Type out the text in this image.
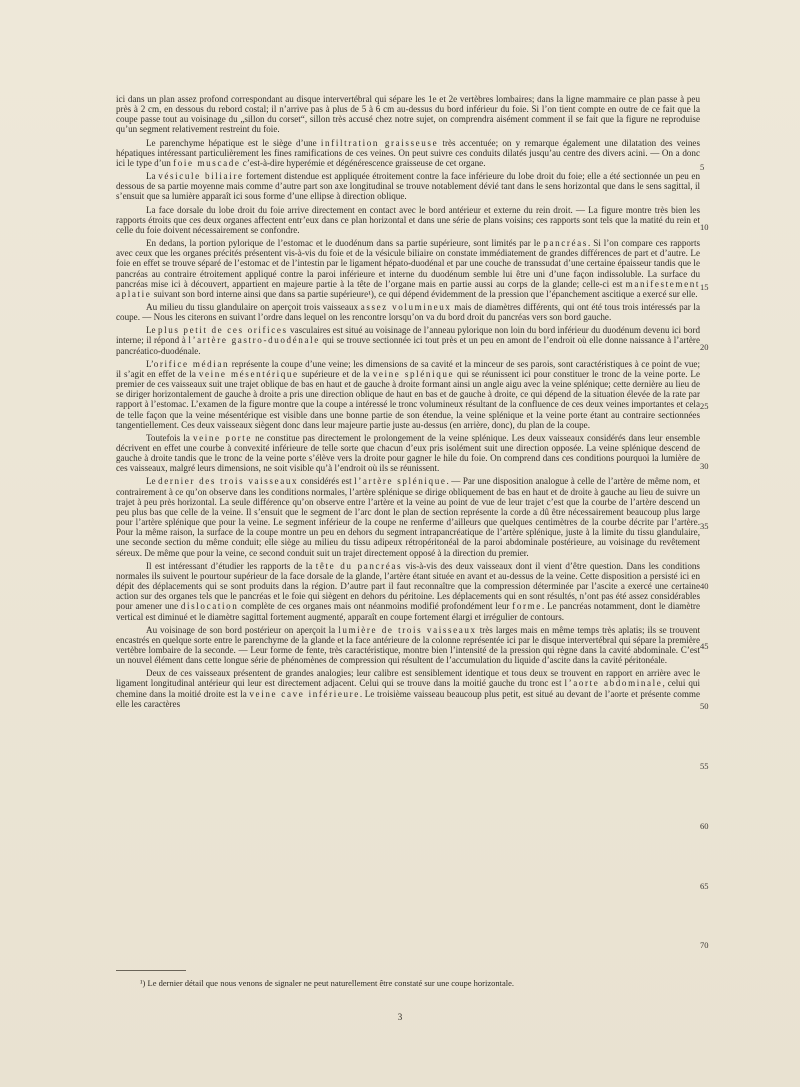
ici dans un plan assez profond correspondant au disque intervertébral qui sépare les 1e et 2e vertèbres lombaires; dans la ligne mammaire ce plan passe à peu près à 2 cm, en dessous du rebord costal; il n’arrive pas à plus de 5 à 6 cm au-dessus du bord inférieur du foie. Si l’on tient compte en outre de ce fait que la coupe passe tout au voisinage du „sillon du corset“, sillon très accusé chez notre sujet, on comprendra aisément comment il se fait que la figure ne reproduise qu’un segment relativement restreint du foie.

Le parenchyme hépatique est le siège d’une infiltration graisseuse très accentuée; on y remarque également une dilatation des veines hépatiques intéressant particulièrement les fines ramifications de ces veines. On peut suivre ces conduits dilatés jusqu’au centre des divers acini. — On a donc ici le type d’un foie muscade c’est-à-dire hyperémie et dégénérescence graisseuse de cet organe.

La vésicule biliaire fortement distendue est appliquée étroitement contre la face inférieure du lobe droit du foie; elle a été sectionnée un peu en dessous de sa partie moyenne mais comme d’autre part son axe longitudinal se trouve notablement dévié tant dans le sens horizontal que dans le sens sagittal, il s’ensuit que sa lumière apparaît ici sous forme d’une ellipse à direction oblique.

La face dorsale du lobe droit du foie arrive directement en contact avec le bord antérieur et externe du rein droit. — La figure montre très bien les rapports étroits que ces deux organes affectent entr’eux dans ce plan horizontal et dans une série de plans voisins; ces rapports sont tels que la matité du rein et celle du foie doivent nécessairement se confondre.

En dedans, la portion pylorique de l’estomac et le duodénum dans sa partie supérieure, sont limités par le pancréas. Si l’on compare ces rapports avec ceux que les organes précités présentent vis-à-vis du foie et de la vésicule biliaire on constate immédiatement de grandes différences de part et d’autre. Le foie en effet se trouve séparé de l’estomac et de l’intestin par le ligament hépato-duodénal et par une couche de transsudat d’une certaine épaisseur tandis que le pancréas au contraire étroitement appliqué contre la paroi inférieure et interne du duodénum semble lui être uni d’une façon indissoluble. La surface du pancréas mise ici à découvert, appartient en majeure partie à la tête de l’organe mais en partie aussi au corps de la glande; celle-ci est manifestement aplatie suivant son bord interne ainsi que dans sa partie supérieure¹), ce qui dépend évidemment de la pression que l’épanchement ascitique a exercé sur elle.

Au milieu du tissu glandulaire on aperçoit trois vaisseaux assez volumineux mais de diamètres différents, qui ont été tous trois intéressés par la coupe. — Nous les citerons en suivant l’ordre dans lequel on les rencontre lorsqu’on va du bord droit du pancréas vers son bord gauche.

Le plus petit de ces orifices vasculaires est situé au voisinage de l’anneau pylorique non loin du bord inférieur du duodénum devenu ici bord interne; il répond à l’artère gastro-duodénale qui se trouve sectionnée ici tout près et un peu en amont de l’endroit où elle donne naissance à l’artère pancréatico-duodénale.

L’orifice médian représente la coupe d’une veine; les dimensions de sa cavité et la minceur de ses parois, sont caractéristiques à ce point de vue; il s’agit en effet de la veine mésentérique supérieure et de la veine splénique qui se réunissent ici pour constituer le tronc de la veine porte. Le premier de ces vaisseaux suit une trajet oblique de bas en haut et de gauche à droite formant ainsi un angle aigu avec la veine splénique; cette dernière au lieu de se diriger horizontalement de gauche à droite a pris une direction oblique de haut en bas et de gauche à droite, ce qui dépend de la situation élevée de la rate par rapport à l’estomac. L’examen de la figure montre que la coupe a intéressé le tronc volumineux résultant de la confluence de ces deux veines importantes et cela de telle façon que la veine mésentérique est visible dans une bonne partie de son étendue, la veine splénique et la veine porte étant au contraire sectionnées tangentiellement. Ces deux vaisseaux siègent donc dans leur majeure partie juste au-dessus (en arrière, donc), du plan de la coupe.

Toutefois la veine porte ne constitue pas directement le prolongement de la veine splénique. Les deux vaisseaux considérés dans leur ensemble décrivent en effet une courbe à convexité inférieure de telle sorte que chacun d’eux pris isolément suit une direction opposée. La veine splénique descend de gauche à droite tandis que le tronc de la veine porte s’élève vers la droite pour gagner le hile du foie. On comprend dans ces conditions pourquoi la lumière de ces vaisseaux, malgré leurs dimensions, ne soit visible qu’à l’endroit où ils se réunissent.

Le dernier des trois vaisseaux considérés est l’artère splénique. — Par une disposition analogue à celle de l’artère de même nom, et contrairement à ce qu’on observe dans les conditions normales, l’artère splénique se dirige obliquement de bas en haut et de droite à gauche au lieu de suivre un trajet à peu près horizontal. La seule différence qu’on observe entre l’artère et la veine au point de vue de leur trajet c’est que la courbe de l’artère descend un peu plus bas que celle de la veine. Il s’ensuit que le segment de l’arc dont le plan de section représente la corde a dû être nécessairement beaucoup plus large pour l’artère splénique que pour la veine. Le segment inférieur de la coupe ne renferme d’ailleurs que quelques centimètres de la courbe décrite par l’artère. Pour la même raison, la surface de la coupe montre un peu en dehors du segment intrapancréatique de l’artère splénique, juste à la limite du tissu glandulaire, une seconde section du même conduit; elle siège au milieu du tissu adipeux rétropéritonéal de la paroi abdominale postérieure, au voisinage du revêtement séreux. De même que pour la veine, ce second conduit suit un trajet directement opposé à la direction du premier.

Il est intéressant d’étudier les rapports de la tête du pancréas vis-à-vis des deux vaisseaux dont il vient d’être question. Dans les conditions normales ils suivent le pourtour supérieur de la face dorsale de la glande, l’artère étant située en avant et au-dessus de la veine. Cette disposition a persisté ici en dépit des déplacements qui se sont produits dans la région. D’autre part il faut reconnaître que la compression déterminée par l’ascite a exercé une certaine action sur des organes tels que le pancréas et le foie qui siègent en dehors du péritoine. Les déplacements qui en sont résultés, n’ont pas été assez considérables pour amener une dislocation complète de ces organes mais ont néanmoins modifié profondément leur forme. Le pancréas notamment, dont le diamètre vertical est diminué et le diamètre sagittal fortement augmenté, apparaît en coupe fortement élargi et irrégulier de contours.

Au voisinage de son bord postérieur on aperçoit la lumière de trois vaisseaux très larges mais en même temps très aplatis; ils se trouvent encastrés en quelque sorte entre le parenchyme de la glande et la face antérieure de la colonne représentée ici par le disque intervertébral qui sépare la première vertèbre lombaire de la seconde. — Leur forme de fente, très caractéristique, montre bien l’intensité de la pression qui règne dans la cavité abdominale. C’est un nouvel élément dans cette longue série de phénomènes de compression qui résultent de l’accumulation du liquide d’ascite dans la cavité péritonéale.

Deux de ces vaisseaux présentent de grandes analogies; leur calibre est sensiblement identique et tous deux se trouvent en rapport en arrière avec le ligament longitudinal antérieur qui leur est directement adjacent. Celui qui se trouve dans la moitié gauche du tronc est l’aorte abdominale, celui qui chemine dans la moitié droite est la veine cave inférieure. Le troisième vaisseau beaucoup plus petit, est situé au devant de l’aorte et présente comme elle les caractères

5
10
15
20
25
30
35
40
45
50
55
60
65
70
¹) Le dernier détail que nous venons de signaler ne peut naturellement être constaté sur une coupe horizontale.
3
